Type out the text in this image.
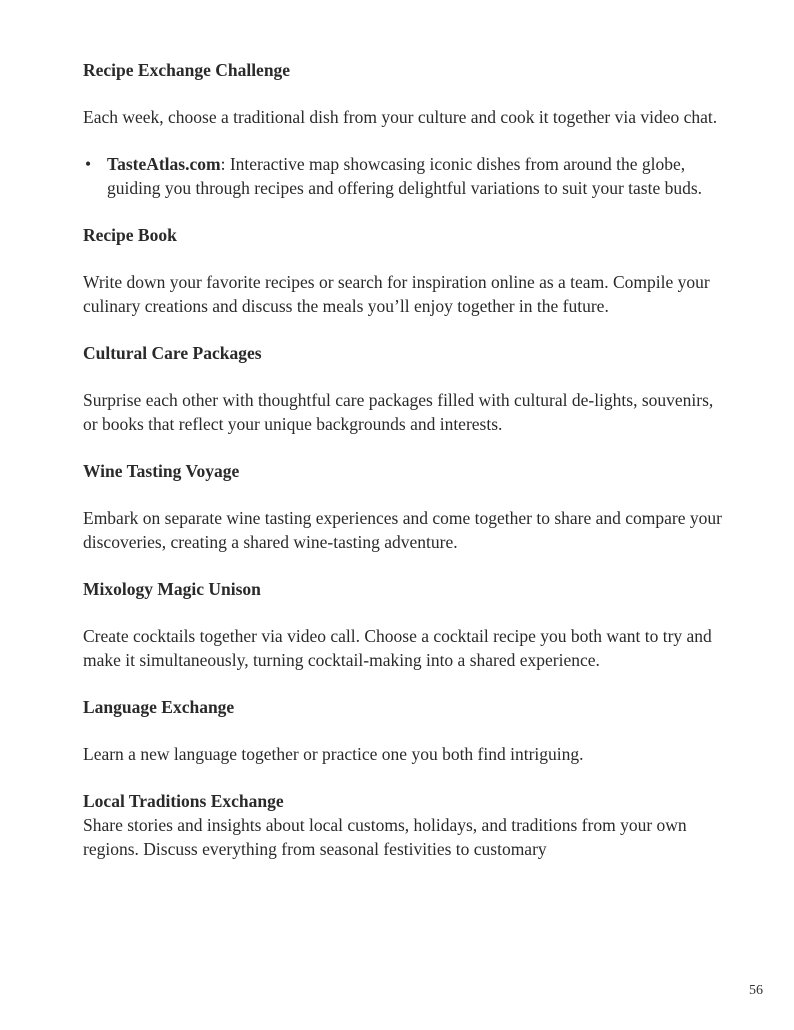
Recipe Exchange Challenge

Each week, choose a traditional dish from your culture and cook it together via video chat.

• TasteAtlas.com: Interactive map showcasing iconic dishes from around the globe, guiding you through recipes and offering delightful variations to suit your taste buds.

Recipe Book

Write down your favorite recipes or search for inspiration online as a team. Compile your culinary creations and discuss the meals you’ll enjoy together in the future.

Cultural Care Packages

Surprise each other with thoughtful care packages filled with cultural de-lights, souvenirs, or books that reflect your unique backgrounds and interests.

Wine Tasting Voyage

Embark on separate wine tasting experiences and come together to share and compare your discoveries, creating a shared wine-tasting adventure.

Mixology Magic Unison

Create cocktails together via video call. Choose a cocktail recipe you both want to try and make it simultaneously, turning cocktail-making into a shared experience.

Language Exchange

Learn a new language together or practice one you both find intriguing.

Local Traditions Exchange

Share stories and insights about local customs, holidays, and traditions from your own regions. Discuss everything from seasonal festivities to customary

56
